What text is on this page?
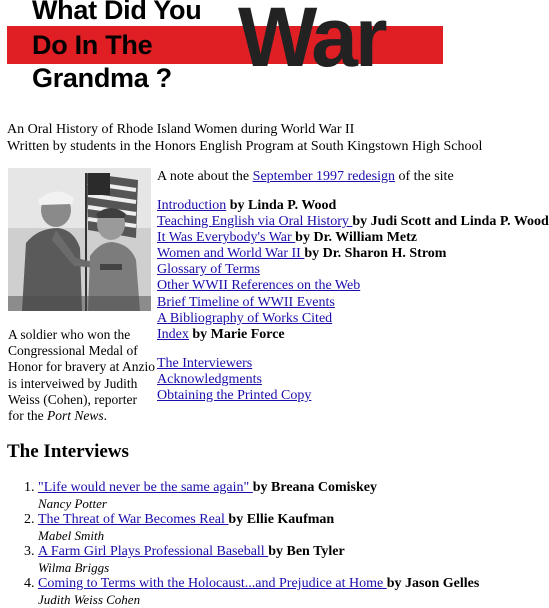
What Did You
Do In The
Grandma ? War
An Oral History of Rhode Island Women during World War II
Written by students in the Honors English Program at South Kingstown High School
A soldier who won the Congressional Medal of Honor for bravery at Anzio is interveiwed by Judith Weiss (Cohen), reporter for the Port News.
A note about the September 1997 redesign of the site
Introduction by Linda P. Wood
Teaching English via Oral History by Judi Scott and Linda P. Wood
It Was Everybody's War by Dr. William Metz
Women and World War II by Dr. Sharon H. Strom
Glossary of Terms
Other WWII References on the Web
Brief Timeline of WWII Events
A Bibliography of Works Cited
Index by Marie Force
The Interviewers
Acknowledgments
Obtaining the Printed Copy
The Interviews
1. "Life would never be the same again" by Breana Comiskey
Nancy Potter
2. The Threat of War Becomes Real by Ellie Kaufman
Mabel Smith
3. A Farm Girl Plays Professional Baseball by Ben Tyler
Wilma Briggs
4. Coming to Terms with the Holocaust...and Prejudice at Home by Jason Gelles
Judith Weiss Cohen
